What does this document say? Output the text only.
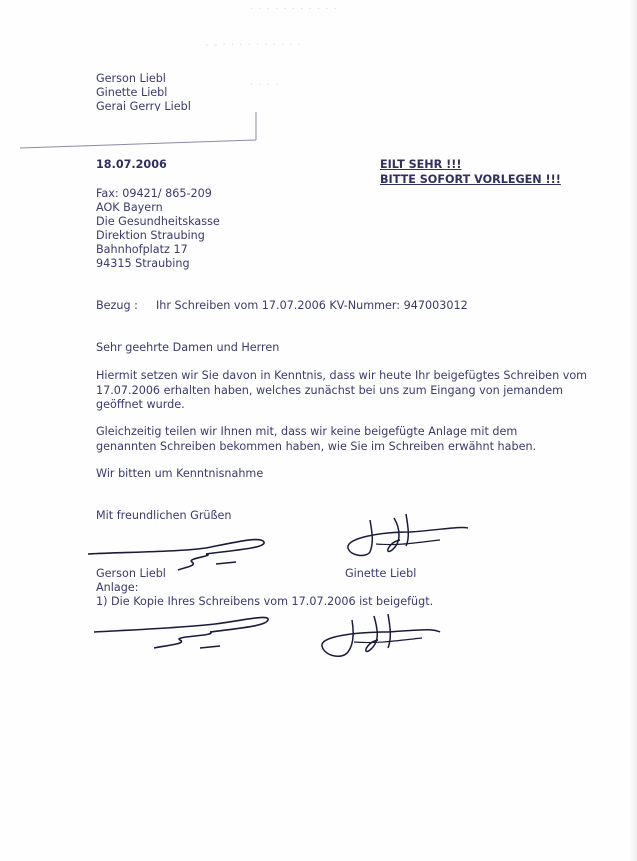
· · · · · · · · · · ·
- - · · · · · · · · · ·
· · · ·
Gerson Liebl
Ginette Liebl
Gerai Gerry Liebl
18.07.2006	EILT SEHR !!!
BITTE SOFORT VORLEGEN !!!
Fax: 09421/ 865-209
AOK Bayern
Die Gesundheitskasse
Direktion Straubing
Bahnhofplatz 17
94315 Straubing
Bezug : Ihr Schreiben vom 17.07.2006 KV-Nummer: 947003012
Sehr geehrte Damen und Herren
Hiermit setzen wir Sie davon in Kenntnis, dass wir heute Ihr beigefügtes Schreiben vom
17.07.2006 erhalten haben, welches zunächst bei uns zum Eingang von jemandem
geöffnet wurde.
Gleichzeitig teilen wir Ihnen mit, dass wir keine beigefügte Anlage mit dem
genannten Schreiben bekommen haben, wie Sie im Schreiben erwähnt haben.
Wir bitten um Kenntnisnahme
Mit freundlichen Grüßen
Gerson Liebl	Ginette Liebl
Anlage:
1) Die Kopie Ihres Schreibens vom 17.07.2006 ist beigefügt.
